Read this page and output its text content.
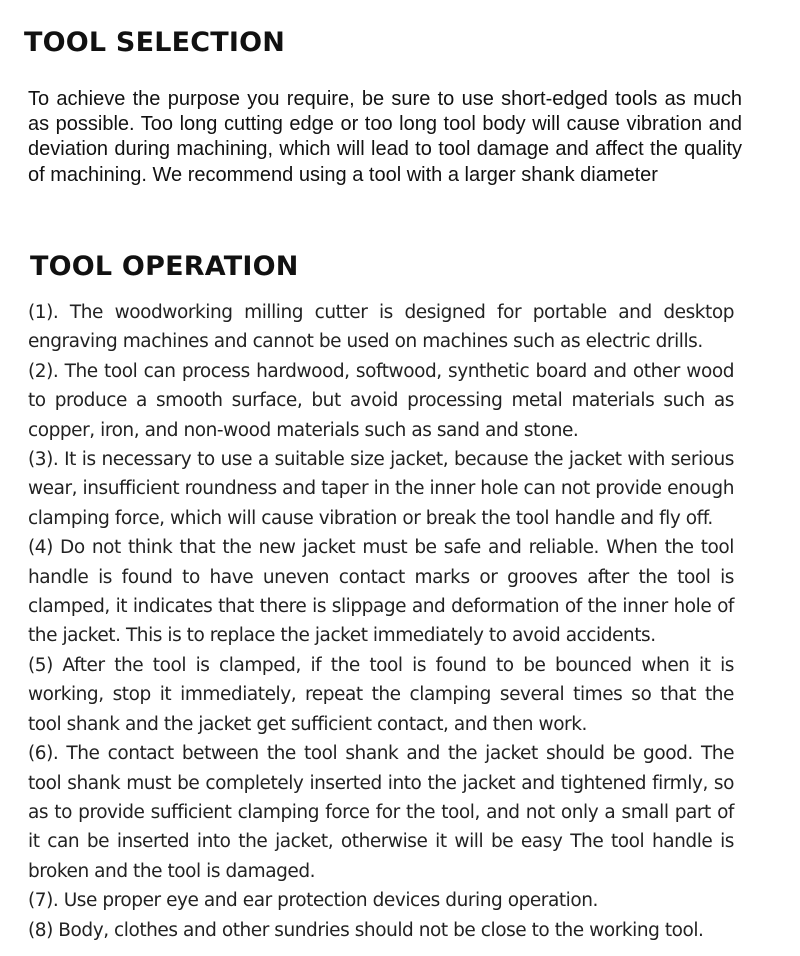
TOOL SELECTION

To achieve the purpose you require, be sure to use short-edged tools as much as possible. Too long cutting edge or too long tool body will cause vibration and deviation during machining, which will lead to tool damage and affect the quality of machining. We recommend using a tool with a larger shank diameter

TOOL OPERATION

(1). The woodworking milling cutter is designed for portable and desktop engraving machines and cannot be used on machines such as electric drills.

(2). The tool can process hardwood, softwood, synthetic board and other wood to produce a smooth surface, but avoid processing metal materials such as copper, iron, and non-wood materials such as sand and stone.

(3). It is necessary to use a suitable size jacket, because the jacket with serious wear, insufficient roundness and taper in the inner hole can not provide enough clamping force, which will cause vibration or break the tool handle and fly off.

(4) Do not think that the new jacket must be safe and reliable. When the tool handle is found to have uneven contact marks or grooves after the tool is clamped, it indicates that there is slippage and deformation of the inner hole of the jacket. This is to replace the jacket immediately to avoid accidents.

(5) After the tool is clamped, if the tool is found to be bounced when it is working, stop it immediately, repeat the clamping several times so that the tool shank and the jacket get sufficient contact, and then work.

(6). The contact between the tool shank and the jacket should be good. The tool shank must be completely inserted into the jacket and tightened firmly, so as to provide sufficient clamping force for the tool, and not only a small part of it can be inserted into the jacket, otherwise it will be easy The tool handle is broken and the tool is damaged.

(7). Use proper eye and ear protection devices during operation.

(8) Body, clothes and other sundries should not be close to the working tool.
